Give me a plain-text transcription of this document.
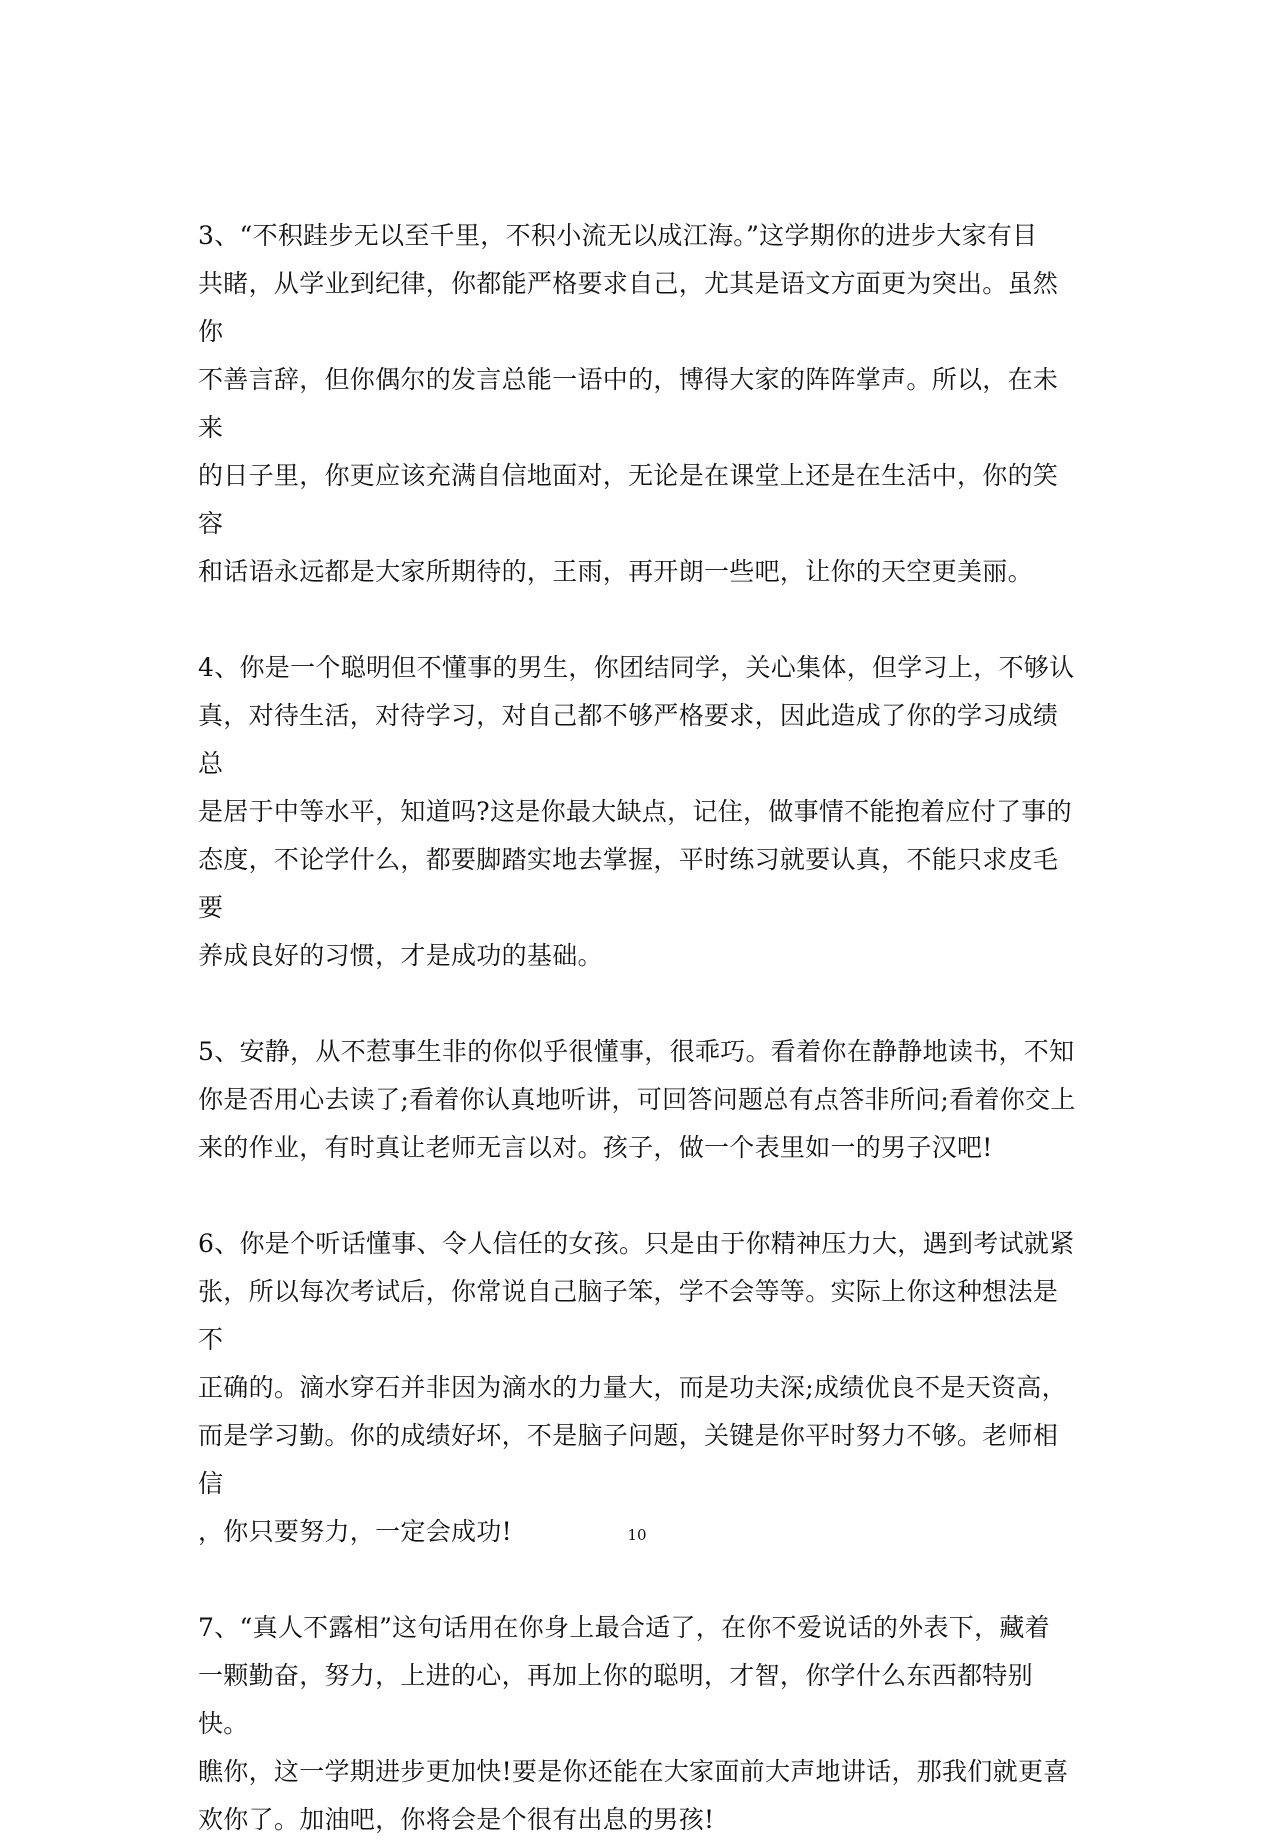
3、“不积跬步无以至千里，不积小流无以成江海。”这学期你的进步大家有目
共睹，从学业到纪律，你都能严格要求自己，尤其是语文方面更为突出。虽然你
不善言辞，但你偶尔的发言总能一语中的，博得大家的阵阵掌声。所以，在未来
的日子里，你更应该充满自信地面对，无论是在课堂上还是在生活中，你的笑容
和话语永远都是大家所期待的，王雨，再开朗一些吧，让你的天空更美丽。

4、你是一个聪明但不懂事的男生，你团结同学，关心集体，但学习上，不够认
真，对待生活，对待学习，对自己都不够严格要求，因此造成了你的学习成绩总
是居于中等水平，知道吗?这是你最大缺点，记住，做事情不能抱着应付了事的
态度，不论学什么，都要脚踏实地去掌握，平时练习就要认真，不能只求皮毛要
养成良好的习惯，才是成功的基础。

5、安静，从不惹事生非的你似乎很懂事，很乖巧。看着你在静静地读书，不知
你是否用心去读了;看着你认真地听讲，可回答问题总有点答非所问;看着你交上
来的作业，有时真让老师无言以对。孩子，做一个表里如一的男子汉吧!

6、你是个听话懂事、令人信任的女孩。只是由于你精神压力大，遇到考试就紧
张，所以每次考试后，你常说自己脑子笨，学不会等等。实际上你这种想法是不
正确的。滴水穿石并非因为滴水的力量大，而是功夫深;成绩优良不是天资高，
而是学习勤。你的成绩好坏，不是脑子问题，关键是你平时努力不够。老师相信
，你只要努力，一定会成功!

7、“真人不露相”这句话用在你身上最合适了，在你不爱说话的外表下，藏着
一颗勤奋，努力，上进的心，再加上你的聪明，才智，你学什么东西都特别快。
瞧你，这一学期进步更加快!要是你还能在大家面前大声地讲话，那我们就更喜
欢你了。加油吧，你将会是个很有出息的男孩!

10
